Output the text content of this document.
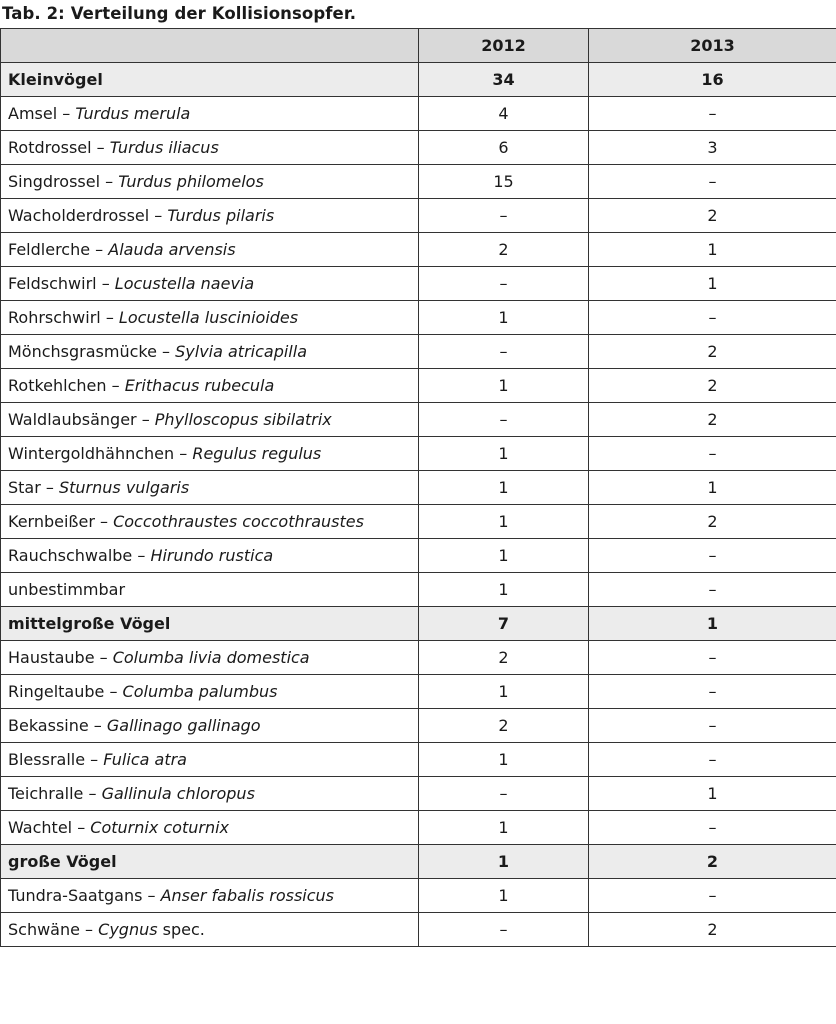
Tab. 2: Verteilung der Kollisionsopfer.
	2012	2013
Kleinvögel	34	16
Amsel – Turdus merula	4	–
Rotdrossel – Turdus iliacus	6	3
Singdrossel – Turdus philomelos	15	–
Wacholderdrossel – Turdus pilaris	–	2
Feldlerche – Alauda arvensis	2	1
Feldschwirl – Locustella naevia	–	1
Rohrschwirl – Locustella luscinioides	1	–
Mönchsgrasmücke – Sylvia atricapilla	–	2
Rotkehlchen – Erithacus rubecula	1	2
Waldlaubsänger – Phylloscopus sibilatrix	–	2
Wintergoldhähnchen – Regulus regulus	1	–
Star – Sturnus vulgaris	1	1
Kernbeißer – Coccothraustes coccothraustes	1	2
Rauchschwalbe – Hirundo rustica	1	–
unbestimmbar	1	–
mittelgroße Vögel	7	1
Haustaube – Columba livia domestica	2	–
Ringeltaube – Columba palumbus	1	–
Bekassine – Gallinago gallinago	2	–
Blessralle – Fulica atra	1	–
Teichralle – Gallinula chloropus	–	1
Wachtel – Coturnix coturnix	1	–
große Vögel	1	2
Tundra-Saatgans – Anser fabalis rossicus	1	–
Schwäne – Cygnus spec.	–	2
